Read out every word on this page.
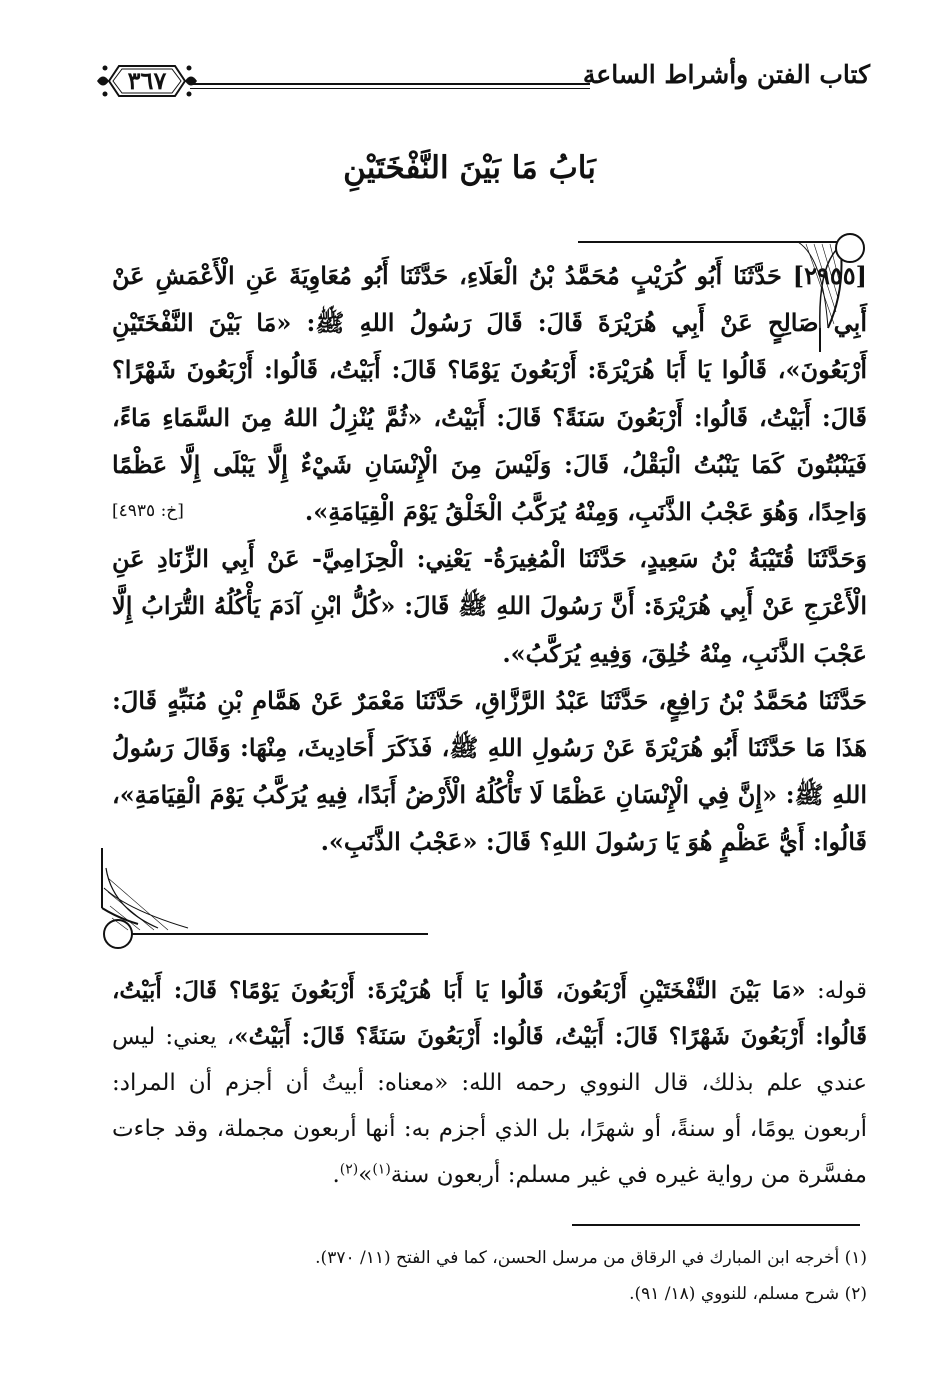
كتاب الفتن وأشراط الساعة
٣٦٧
بَابُ مَا بَيْنَ النَّفْخَتَيْنِ

[٢٩٥٥] حَدَّثَنَا أَبُو كُرَيْبٍ مُحَمَّدُ بْنُ الْعَلَاءِ، حَدَّثَنَا أَبُو مُعَاوِيَةَ عَنِ الْأَعْمَشِ عَنْ أَبِي صَالِحٍ عَنْ أَبِي هُرَيْرَةَ قَالَ: قَالَ رَسُولُ اللهِ ﷺ: «مَا بَيْنَ النَّفْخَتَيْنِ أَرْبَعُونَ»، قَالُوا يَا أَبَا هُرَيْرَةَ: أَرْبَعُونَ يَوْمًا؟ قَالَ: أَبَيْتُ، قَالُوا: أَرْبَعُونَ شَهْرًا؟ قَالَ: أَبَيْتُ، قَالُوا: أَرْبَعُونَ سَنَةً؟ قَالَ: أَبَيْتُ، «ثُمَّ يُنْزِلُ اللهُ مِنَ السَّمَاءِ مَاءً، فَيَنْبُتُونَ كَمَا يَنْبُتُ الْبَقْلُ، قَالَ: وَلَيْسَ مِنَ الْإِنْسَانِ شَيْءٌ إِلَّا يَبْلَى إِلَّا عَظْمًا وَاحِدًا، وَهُوَ عَجْبُ الذَّنَبِ، وَمِنْهُ يُرَكَّبُ الْخَلْقُ يَوْمَ الْقِيَامَةِ».
[خ: ٤٩٣٥]

وَحَدَّثَنَا قُتَيْبَةُ بْنُ سَعِيدٍ، حَدَّثَنَا الْمُغِيرَةُ- يَعْنِي: الْحِزَامِيَّ- عَنْ أَبِي الزِّنَادِ عَنِ الْأَعْرَجِ عَنْ أَبِي هُرَيْرَةَ: أَنَّ رَسُولَ اللهِ ﷺ قَالَ: «كُلُّ ابْنِ آدَمَ يَأْكُلُهُ التُّرَابُ إِلَّا عَجْبَ الذَّنَبِ، مِنْهُ خُلِقَ، وَفِيهِ يُرَكَّبُ».

حَدَّثَنَا مُحَمَّدُ بْنُ رَافِعٍ، حَدَّثَنَا عَبْدُ الرَّزَّاقِ، حَدَّثَنَا مَعْمَرٌ عَنْ هَمَّامِ بْنِ مُنَبِّهٍ قَالَ: هَذَا مَا حَدَّثَنَا أَبُو هُرَيْرَةَ عَنْ رَسُولِ اللهِ ﷺ، فَذَكَرَ أَحَادِيثَ، مِنْهَا: وَقَالَ رَسُولُ اللهِ ﷺ: «إِنَّ فِي الْإِنْسَانِ عَظْمًا لَا تَأْكُلُهُ الْأَرْضُ أَبَدًا، فِيهِ يُرَكَّبُ يَوْمَ الْقِيَامَةِ»، قَالُوا: أَيُّ عَظْمٍ هُوَ يَا رَسُولَ اللهِ؟ قَالَ: «عَجْبُ الذَّنَبِ».

قوله: «مَا بَيْنَ النَّفْخَتَيْنِ أَرْبَعُونَ، قَالُوا يَا أَبَا هُرَيْرَةَ: أَرْبَعُونَ يَوْمًا؟ قَالَ: أَبَيْتُ، قَالُوا: أَرْبَعُونَ شَهْرًا؟ قَالَ: أَبَيْتُ، قَالُوا: أَرْبَعُونَ سَنَةً؟ قَالَ: أَبَيْتُ»، يعني: ليس عندي علم بذلك، قال النووي رحمه الله: «معناه: أبيتُ أن أجزم أن المراد: أربعون يومًا، أو سنةً، أو شهرًا، بل الذي أجزم به: أنها أربعون مجملة، وقد جاءت مفسَّرة من رواية غيره في غير مسلم: أربعون سنة$^{(١)}$»$^{(٢)}$.

(١) أخرجه ابن المبارك في الرقاق من مرسل الحسن، كما في الفتح (١١/ ٣٧٠).

(٢) شرح مسلم، للنووي (١٨/ ٩١).
